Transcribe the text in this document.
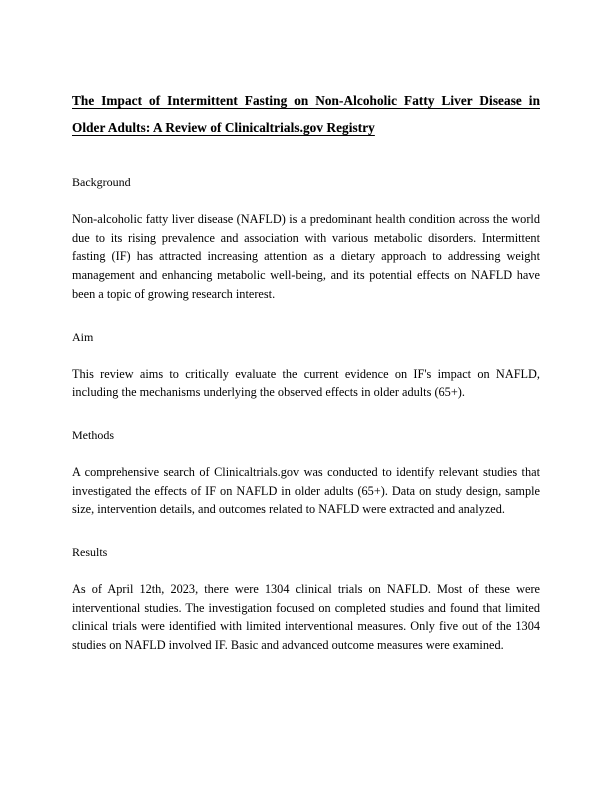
The Impact of Intermittent Fasting on Non-Alcoholic Fatty Liver Disease in
Older Adults: A Review of Clinicaltrials.gov Registry
Background

Non-alcoholic fatty liver disease (NAFLD) is a predominant health condition across the world due to its rising prevalence and association with various metabolic disorders. Intermittent fasting (IF) has attracted increasing attention as a dietary approach to addressing weight management and enhancing metabolic well-being, and its potential effects on NAFLD have been a topic of growing research interest.

Aim

This review aims to critically evaluate the current evidence on IF's impact on NAFLD, including the mechanisms underlying the observed effects in older adults (65+).

Methods

A comprehensive search of Clinicaltrials.gov was conducted to identify relevant studies that investigated the effects of IF on NAFLD in older adults (65+). Data on study design, sample size, intervention details, and outcomes related to NAFLD were extracted and analyzed.

Results

As of April 12th, 2023, there were 1304 clinical trials on NAFLD. Most of these were interventional studies. The investigation focused on completed studies and found that limited clinical trials were identified with limited interventional measures. Only five out of the 1304 studies on NAFLD involved IF. Basic and advanced outcome measures were examined.
